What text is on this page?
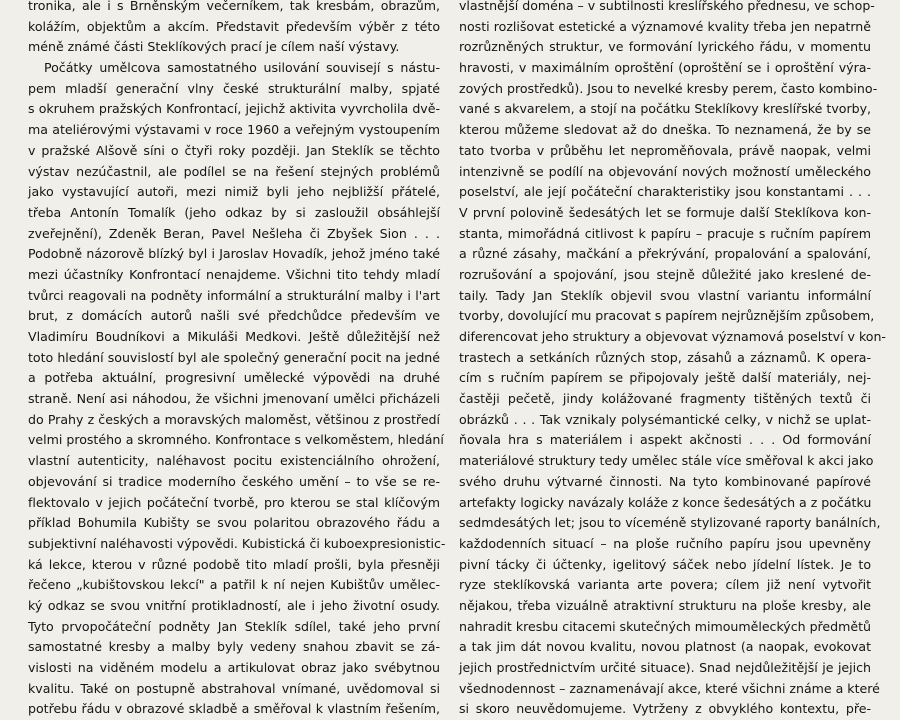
tronika, ale i s Brněnským večerníkem, tak kresbám, obrazům,
kolážím, objektům a akcím. Představit především výběr z této
méně známé části Steklíkových prací je cílem naší výstavy.
Počátky umělcova samostatného usilování souvisejí s nástu-
pem mladší generační vlny české strukturální malby, spjaté
s okruhem pražských Konfrontací, jejichž aktivita vyvrcholila dvě-
ma ateliérovými výstavami v roce 1960 a veřejným vystoupením
v pražské Alšově síni o čtyři roky později. Jan Steklík se těchto
výstav nezúčastnil, ale podílel se na řešení stejných problémů
jako vystavující autoři, mezi nimiž byli jeho nejbližší přátelé,
třeba Antonín Tomalík (jeho odkaz by si zasloužil obsáhlejší
zveřejnění), Zdeněk Beran, Pavel Nešleha či Zbyšek Sion . . .
Podobně názorově blízký byl i Jaroslav Hovadík, jehož jméno také
mezi účastníky Konfrontací nenajdeme. Všichni tito tehdy mladí
tvůrci reagovali na podněty informální a strukturální malby i l'art
brut, z domácích autorů našli své předchůdce především ve
Vladimíru Boudníkovi a Mikuláši Medkovi. Ještě důležitější než
toto hledání souvislostí byl ale společný generační pocit na jedné
a potřeba aktuální, progresivní umělecké výpovědi na druhé
straně. Není asi náhodou, že všichni jmenovaní umělci přicházeli
do Prahy z českých a moravských maloměst, většinou z prostředí
velmi prostého a skromného. Konfrontace s velkoměstem, hledání
vlastní autenticity, naléhavost pocitu existenciálního ohrožení,
objevování si tradice moderního českého umění – to vše se re-
flektovalo v jejich počáteční tvorbě, pro kterou se stal klíčovým
příklad Bohumila Kubišty se svou polaritou obrazového řádu a
subjektivní naléhavosti výpovědi. Kubistická či kuboexpresionistic-
ká lekce, kterou v různé podobě tito mladí prošli, byla přesněji
řečeno „kubištovskou lekcí" a patřil k ní nejen Kubištův umělec-
ký odkaz se svou vnitřní protikladností, ale i jeho životní osudy.
Tyto prvopočáteční podněty Jan Steklík sdílel, také jeho první
samostatné kresby a malby byly vedeny snahou zbavit se zá-
vislosti na viděném modelu a artikulovat obraz jako svébytnou
kvalitu. Také on postupně abstrahoval vnímané, uvědomoval si
potřebu řádu v obrazové skladbě a směřoval k vlastním řešením,
vlastnější doména – v subtilnosti kreslířského přednesu, ve schop-
nosti rozlišovat estetické a významové kvality třeba jen nepatrně
rozrůzněných struktur, ve formování lyrického řádu, v momentu
hravosti, v maximálním oproštění (oproštění se i oproštění výra-
zových prostředků). Jsou to nevelké kresby perem, často kombino-
vané s akvarelem, a stojí na počátku Steklíkovy kreslířské tvorby,
kterou můžeme sledovat až do dneška. To neznamená, že by se
tato tvorba v průběhu let neproměňovala, právě naopak, velmi
intenzivně se podílí na objevování nových možností uměleckého
poselství, ale její počáteční charakteristiky jsou konstantami . . .
V první polovině šedesátých let se formuje další Steklíkova kon-
stanta, mimořádná citlivost k papíru – pracuje s ručním papírem
a různé zásahy, mačkání a překrývání, propalování a spalování,
rozrušování a spojování, jsou stejně důležité jako kreslené de-
taily. Tady Jan Steklík objevil svou vlastní variantu informální
tvorby, dovolující mu pracovat s papírem nejrůznějším způsobem,
diferencovat jeho struktury a objevovat významová poselství v kon-
trastech a setkáních různých stop, zásahů a záznamů. K opera-
cím s ručním papírem se připojovaly ještě další materiály, nej-
častěji pečetě, jindy kolážované fragmenty tištěných textů či
obrázků . . . Tak vznikaly polysémantické celky, v nichž se uplat-
ňovala hra s materiálem i aspekt akčnosti . . . Od formování
materiálové struktury tedy umělec stále více směřoval k akci jako
svého druhu výtvarné činnosti. Na tyto kombinované papírové
artefakty logicky navázaly koláže z konce šedesátých a z počátku
sedmdesátých let; jsou to víceméně stylizované raporty banálních,
každodenních situací – na ploše ručního papíru jsou upevněny
pivní tácky či účtenky, igelitový sáček nebo jídelní lístek. Je to
ryze steklíkovská varianta arte povera; cílem již není vytvořit
nějakou, třeba vizuálně atraktivní strukturu na ploše kresby, ale
nahradit kresbu citacemi skutečných mimouměleckých předmětů
a tak jim dát novou kvalitu, novou platnost (a naopak, evokovat
jejich prostřednictvím určité situace). Snad nejdůležitější je jejich
všednodennost – zaznamenávají akce, které všichni známe a které
si skoro neuvědomujeme. Vytrženy z obvyklého kontextu, pře-
